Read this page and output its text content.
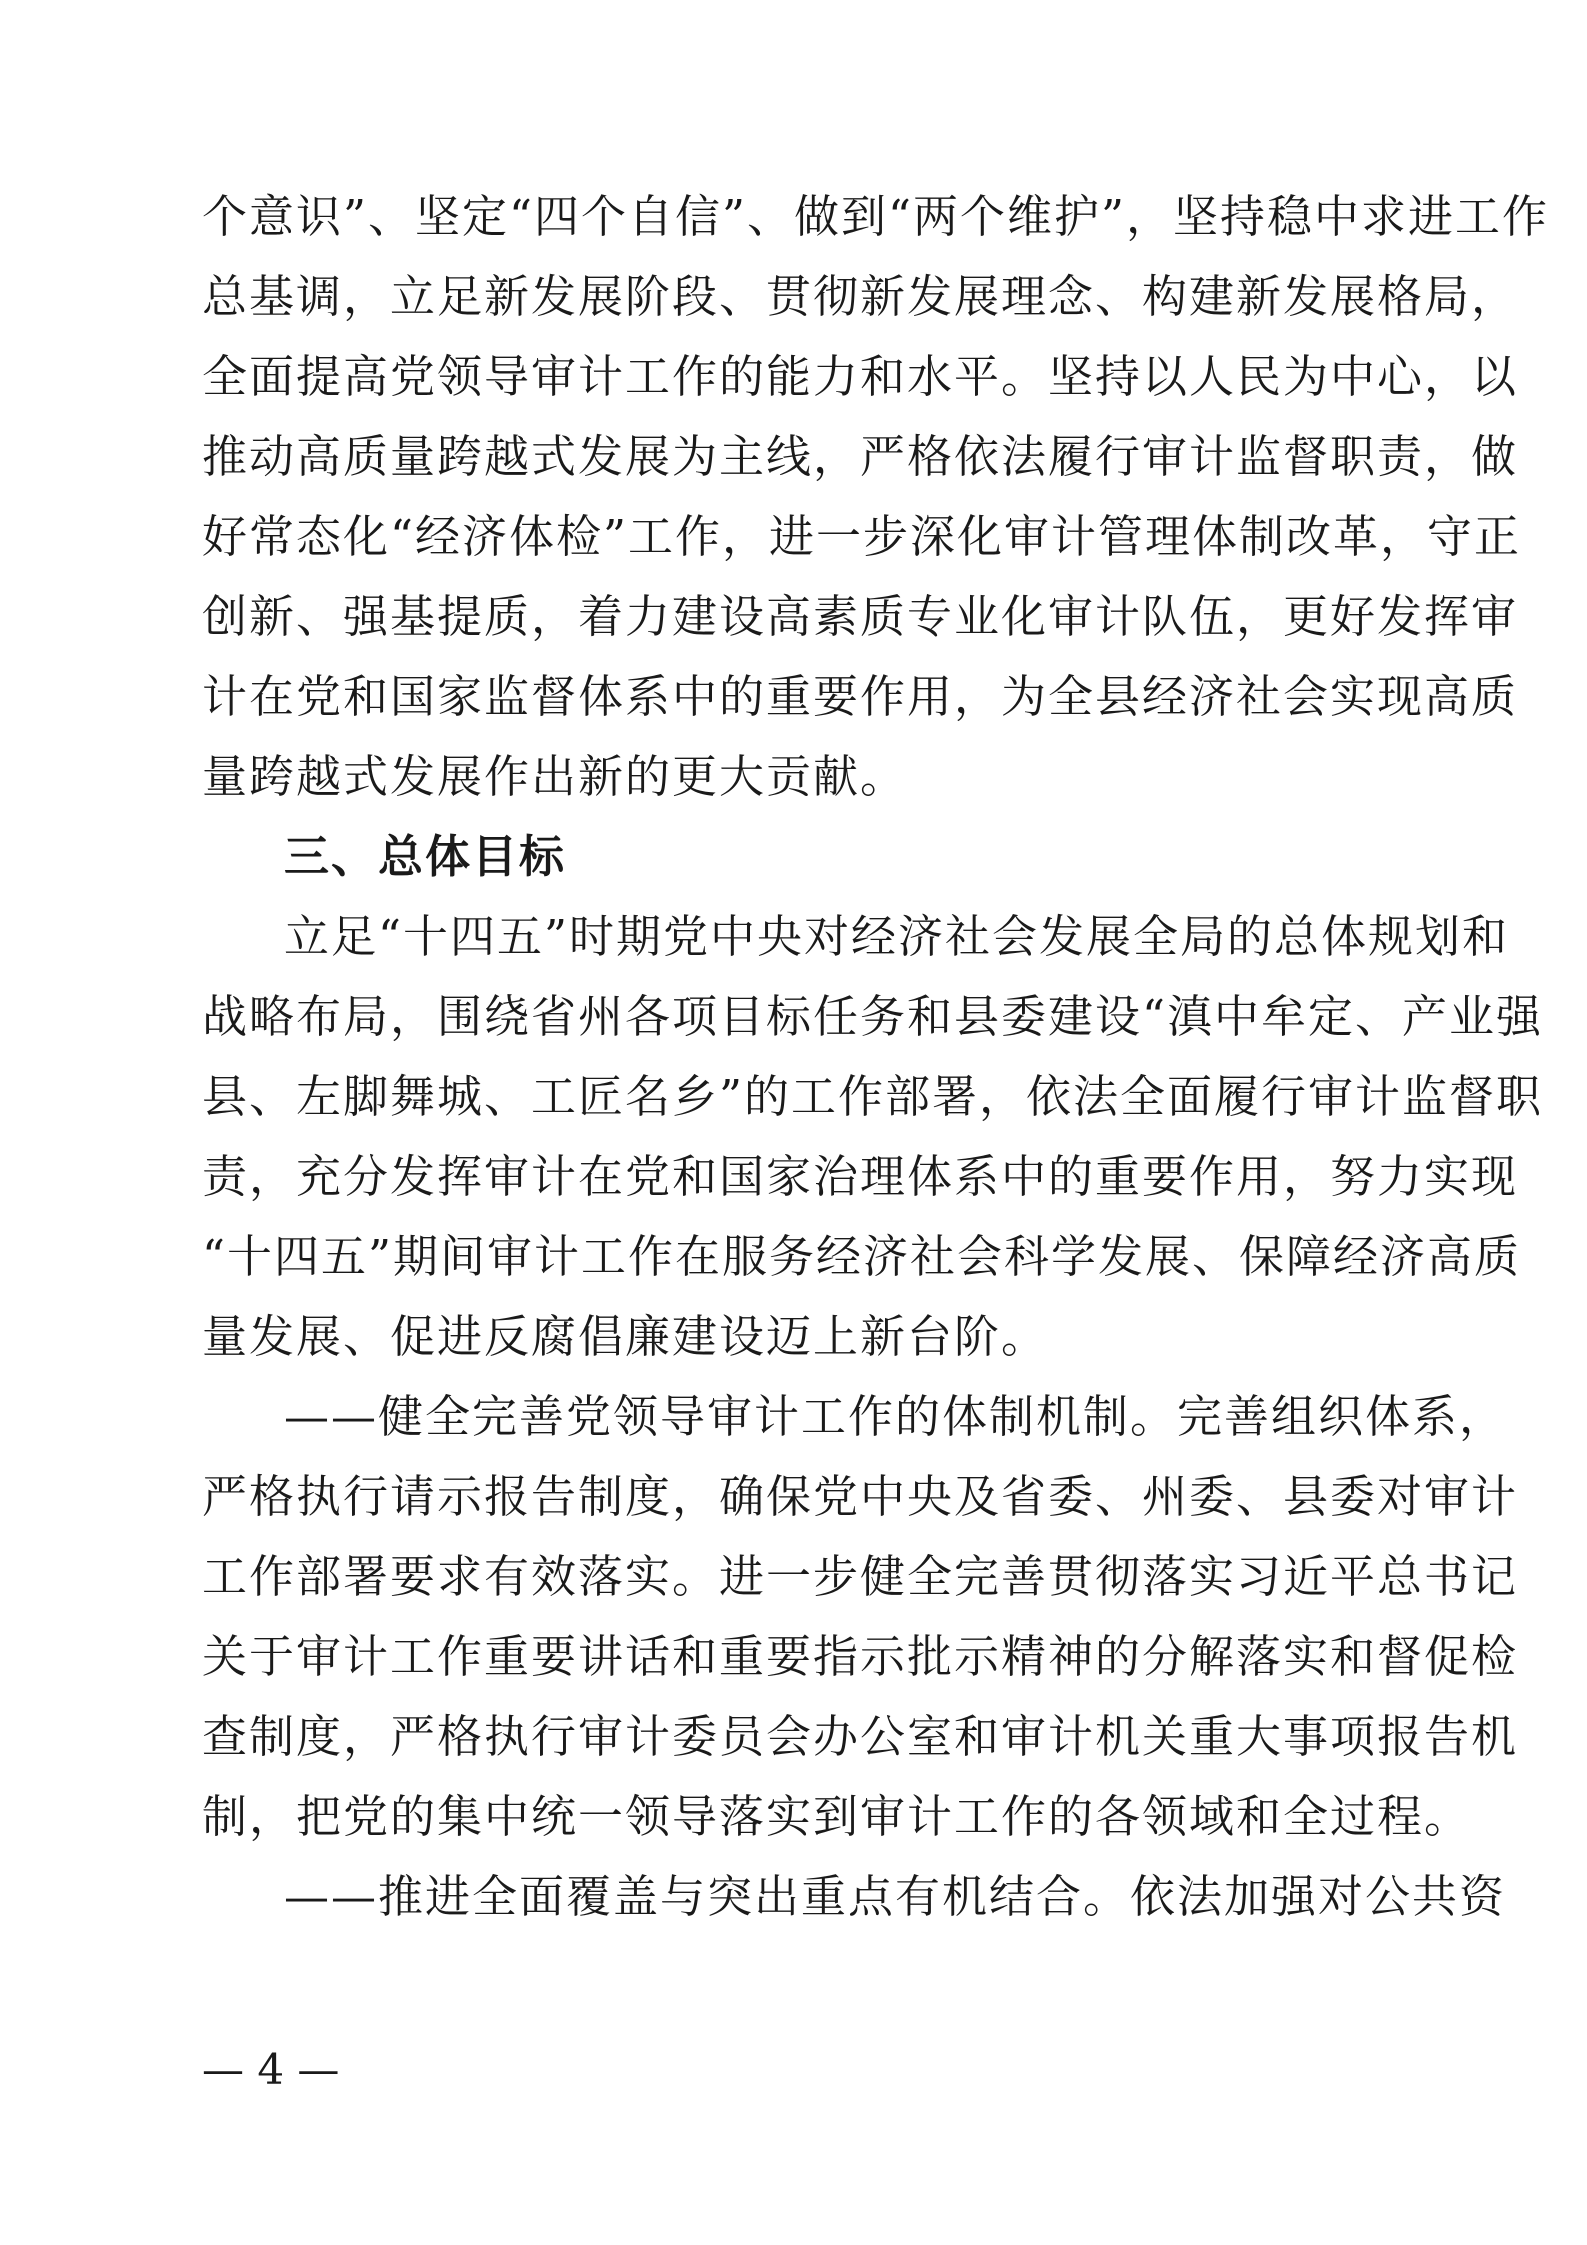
个意识”、坚定“四个自信”、做到“两个维护”，坚持稳中求进工作
总基调，立足新发展阶段、贯彻新发展理念、构建新发展格局，
全面提高党领导审计工作的能力和水平。坚持以人民为中心，以
推动高质量跨越式发展为主线，严格依法履行审计监督职责，做
好常态化“经济体检”工作，进一步深化审计管理体制改革，守正
创新、强基提质，着力建设高素质专业化审计队伍，更好发挥审
计在党和国家监督体系中的重要作用，为全县经济社会实现高质
量跨越式发展作出新的更大贡献。
三、总体目标
立足“十四五”时期党中央对经济社会发展全局的总体规划和
战略布局，围绕省州各项目标任务和县委建设“滇中牟定、产业强
县、左脚舞城、工匠名乡”的工作部署，依法全面履行审计监督职
责，充分发挥审计在党和国家治理体系中的重要作用，努力实现
“十四五”期间审计工作在服务经济社会科学发展、保障经济高质
量发展、促进反腐倡廉建设迈上新台阶。
——健全完善党领导审计工作的体制机制。完善组织体系，
严格执行请示报告制度，确保党中央及省委、州委、县委对审计
工作部署要求有效落实。进一步健全完善贯彻落实习近平总书记
关于审计工作重要讲话和重要指示批示精神的分解落实和督促检
查制度，严格执行审计委员会办公室和审计机关重大事项报告机
制，把党的集中统一领导落实到审计工作的各领域和全过程。
——推进全面覆盖与突出重点有机结合。依法加强对公共资
— 4 —
